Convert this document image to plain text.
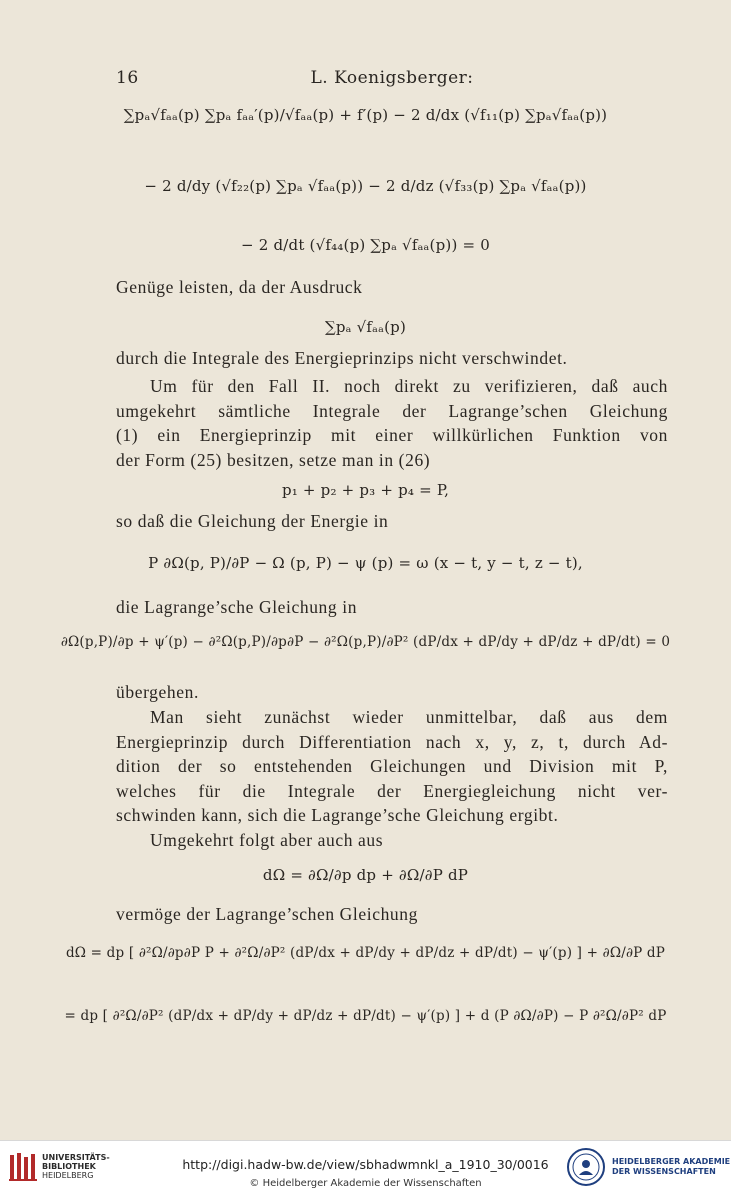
16	L. Koenigsberger:
∑pₐ√fₐₐ(p) ∑pₐ fₐₐ′(p)/√fₐₐ(p) + f′(p) − 2 d/dx (√f₁₁(p) ∑pₐ√fₐₐ(p))
− 2 d/dy (√f₂₂(p) ∑pₐ √fₐₐ(p)) − 2 d/dz (√f₃₃(p) ∑pₐ √fₐₐ(p))
− 2 d/dt (√f₄₄(p) ∑pₐ √fₐₐ(p)) = 0
Genüge leisten, da der Ausdruck
∑pₐ √fₐₐ(p)
durch die Integrale des Energieprinzips nicht verschwindet.
Um für den Fall II. noch direkt zu verifizieren, daß auch
umgekehrt sämtliche Integrale der Lagrange’schen Gleichung
(1) ein Energieprinzip mit einer willkürlichen Funktion von
der Form (25) besitzen, setze man in (26)
p₁ + p₂ + p₃ + p₄ = P,
so daß die Gleichung der Energie in
P ∂Ω(p, P)/∂P − Ω (p, P) − ψ (p) = ω (x − t, y − t, z − t),
die Lagrange’sche Gleichung in
∂Ω(p,P)/∂p + ψ′(p) − ∂²Ω(p,P)/∂p∂P − ∂²Ω(p,P)/∂P² (dP/dx + dP/dy + dP/dz + dP/dt) = 0
übergehen.
Man sieht zunächst wieder unmittelbar, daß aus dem
Energieprinzip durch Differentiation nach x, y, z, t, durch Ad-
dition der so entstehenden Gleichungen und Division mit P,
welches für die Integrale der Energiegleichung nicht ver-
schwinden kann, sich die Lagrange’sche Gleichung ergibt.
Umgekehrt folgt aber auch aus
dΩ = ∂Ω/∂p dp + ∂Ω/∂P dP
vermöge der Lagrange’schen Gleichung
dΩ = dp [ ∂²Ω/∂p∂P P + ∂²Ω/∂P² (dP/dx + dP/dy + dP/dz + dP/dt) − ψ′(p) ] + ∂Ω/∂P dP
= dp [ ∂²Ω/∂P² (dP/dx + dP/dy + dP/dz + dP/dt) − ψ′(p) ] + d (P ∂Ω/∂P) − P ∂²Ω/∂P² dP
UNIVERSITÄTS-
BIBLIOTHEK
HEIDELBERG
http://digi.hadw-bw.de/view/sbhadwmnkl_a_1910_30/0016
© Heidelberger Akademie der Wissenschaften
HEIDELBERGER AKADEMIE
DER WISSENSCHAFTEN
